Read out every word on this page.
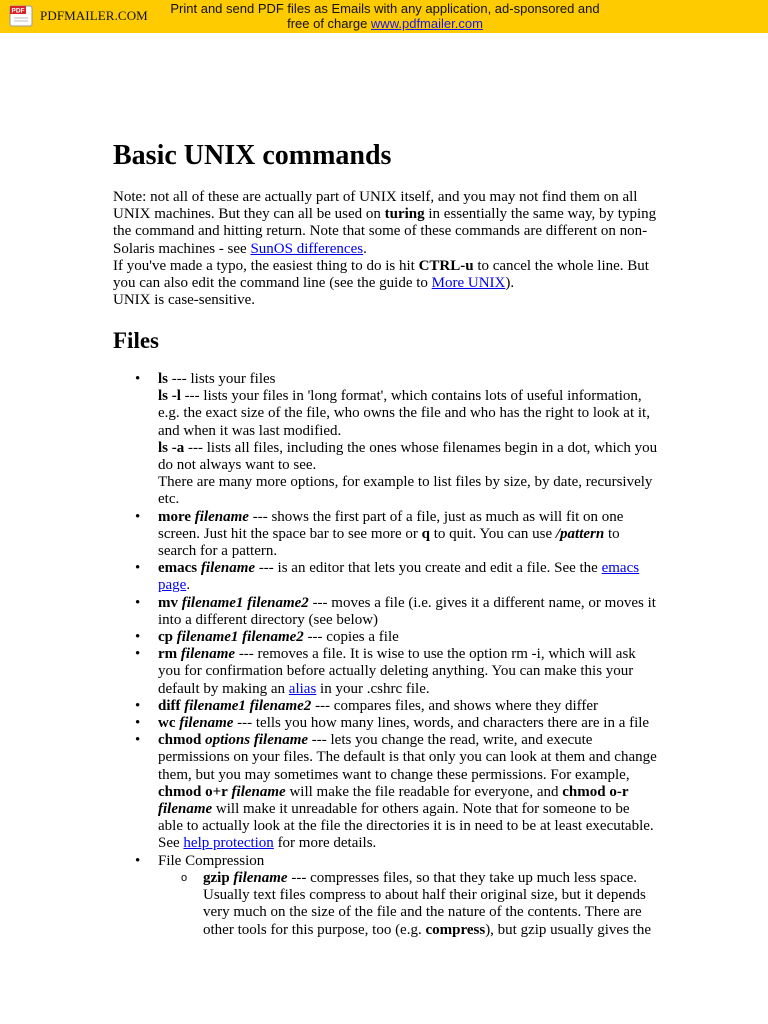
PDF PDFMAILER.COM	Print and send PDF files as Emails with any application, ad-sponsored and
free of charge www.pdfmailer.com
Basic UNIX commands

Note: not all of these are actually part of UNIX itself, and you may not find them on all UNIX machines. But they can all be used on turing in essentially the same way, by typing the command and hitting return. Note that some of these commands are different on non-Solaris machines - see SunOS differences.

If you've made a typo, the easiest thing to do is hit CTRL-u to cancel the whole line. But you can also edit the command line (see the guide to More UNIX).

UNIX is case-sensitive.

Files
• ls --- lists your files
ls -l --- lists your files in 'long format', which contains lots of useful information, e.g. the exact size of the file, who owns the file and who has the right to look at it, and when it was last modified.
ls -a --- lists all files, including the ones whose filenames begin in a dot, which you do not always want to see.
There are many more options, for example to list files by size, by date, recursively etc.
• more filename --- shows the first part of a file, just as much as will fit on one screen. Just hit the space bar to see more or q to quit. You can use /pattern to search for a pattern.
• emacs filename --- is an editor that lets you create and edit a file. See the emacs page.
• mv filename1 filename2 --- moves a file (i.e. gives it a different name, or moves it into a different directory (see below)
• cp filename1 filename2 --- copies a file
• rm filename --- removes a file. It is wise to use the option rm -i, which will ask you for confirmation before actually deleting anything. You can make this your default by making an alias in your .cshrc file.
• diff filename1 filename2 --- compares files, and shows where they differ
• wc filename --- tells you how many lines, words, and characters there are in a file
• chmod options filename --- lets you change the read, write, and execute permissions on your files. The default is that only you can look at them and change them, but you may sometimes want to change these permissions. For example, chmod o+r filename will make the file readable for everyone, and chmod o-r filename will make it unreadable for others again. Note that for someone to be able to actually look at the file the directories it is in need to be at least executable. See help protection for more details.
• File Compression
o gzip filename --- compresses files, so that they take up much less space. Usually text files compress to about half their original size, but it depends very much on the size of the file and the nature of the contents. There are other tools for this purpose, too (e.g. compress), but gzip usually gives the
